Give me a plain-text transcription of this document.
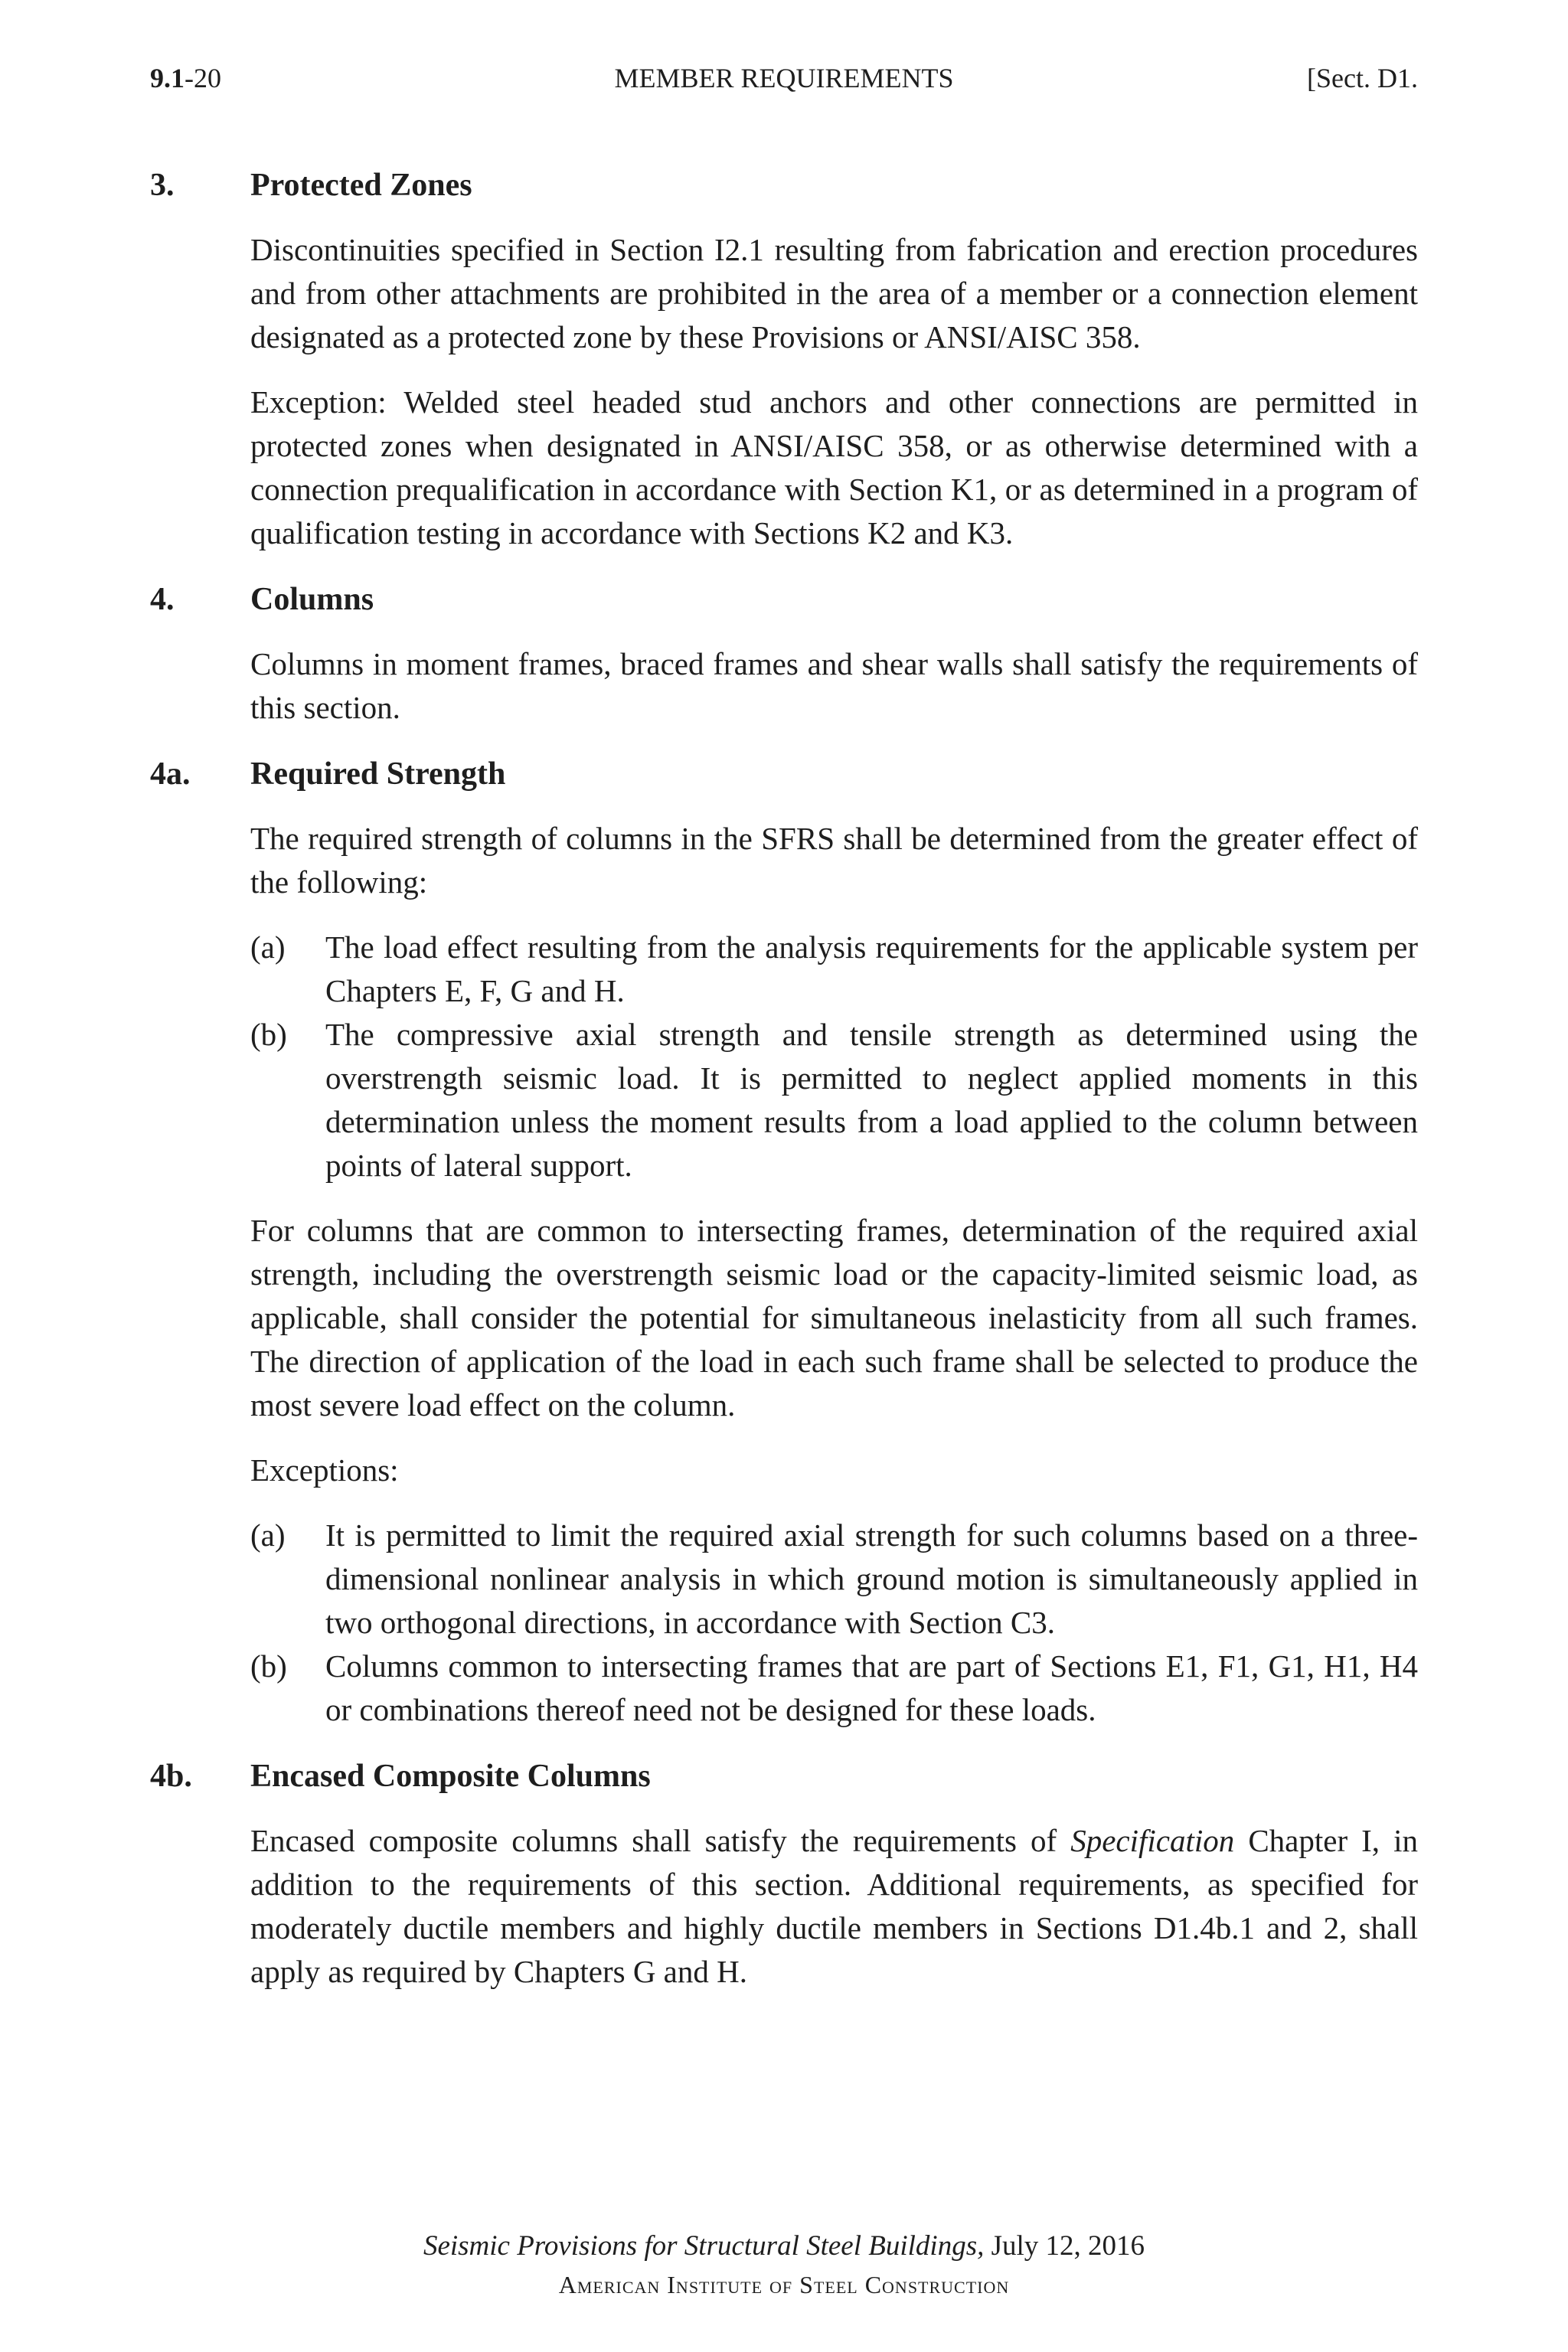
9.1-20	MEMBER REQUIREMENTS	[Sect. D1.
3. Protected Zones

Discontinuities specified in Section I2.1 resulting from fabrication and erection procedures and from other attachments are prohibited in the area of a member or a connection element designated as a protected zone by these Provisions or ANSI/AISC 358.

Exception: Welded steel headed stud anchors and other connections are permitted in protected zones when designated in ANSI/AISC 358, or as otherwise determined with a connection prequalification in accordance with Section K1, or as determined in a program of qualification testing in accordance with Sections K2 and K3.

4. Columns

Columns in moment frames, braced frames and shear walls shall satisfy the requirements of this section.

4a. Required Strength

The required strength of columns in the SFRS shall be determined from the greater effect of the following:

(a) The load effect resulting from the analysis requirements for the applicable system per Chapters E, F, G and H.
(b) The compressive axial strength and tensile strength as determined using the overstrength seismic load. It is permitted to neglect applied moments in this determination unless the moment results from a load applied to the column between points of lateral support.

For columns that are common to intersecting frames, determination of the required axial strength, including the overstrength seismic load or the capacity-limited seismic load, as applicable, shall consider the potential for simultaneous inelasticity from all such frames. The direction of application of the load in each such frame shall be selected to produce the most severe load effect on the column.

Exceptions:

(a) It is permitted to limit the required axial strength for such columns based on a three-dimensional nonlinear analysis in which ground motion is simultaneously applied in two orthogonal directions, in accordance with Section C3.
(b) Columns common to intersecting frames that are part of Sections E1, F1, G1, H1, H4 or combinations thereof need not be designed for these loads.
4b. Encased Composite Columns

Encased composite columns shall satisfy the requirements of Specification Chapter I, in addition to the requirements of this section. Additional requirements, as specified for moderately ductile members and highly ductile members in Sections D1.4b.1 and 2, shall apply as required by Chapters G and H.

Seismic Provisions for Structural Steel Buildings, July 12, 2016
American Institute of Steel Construction
